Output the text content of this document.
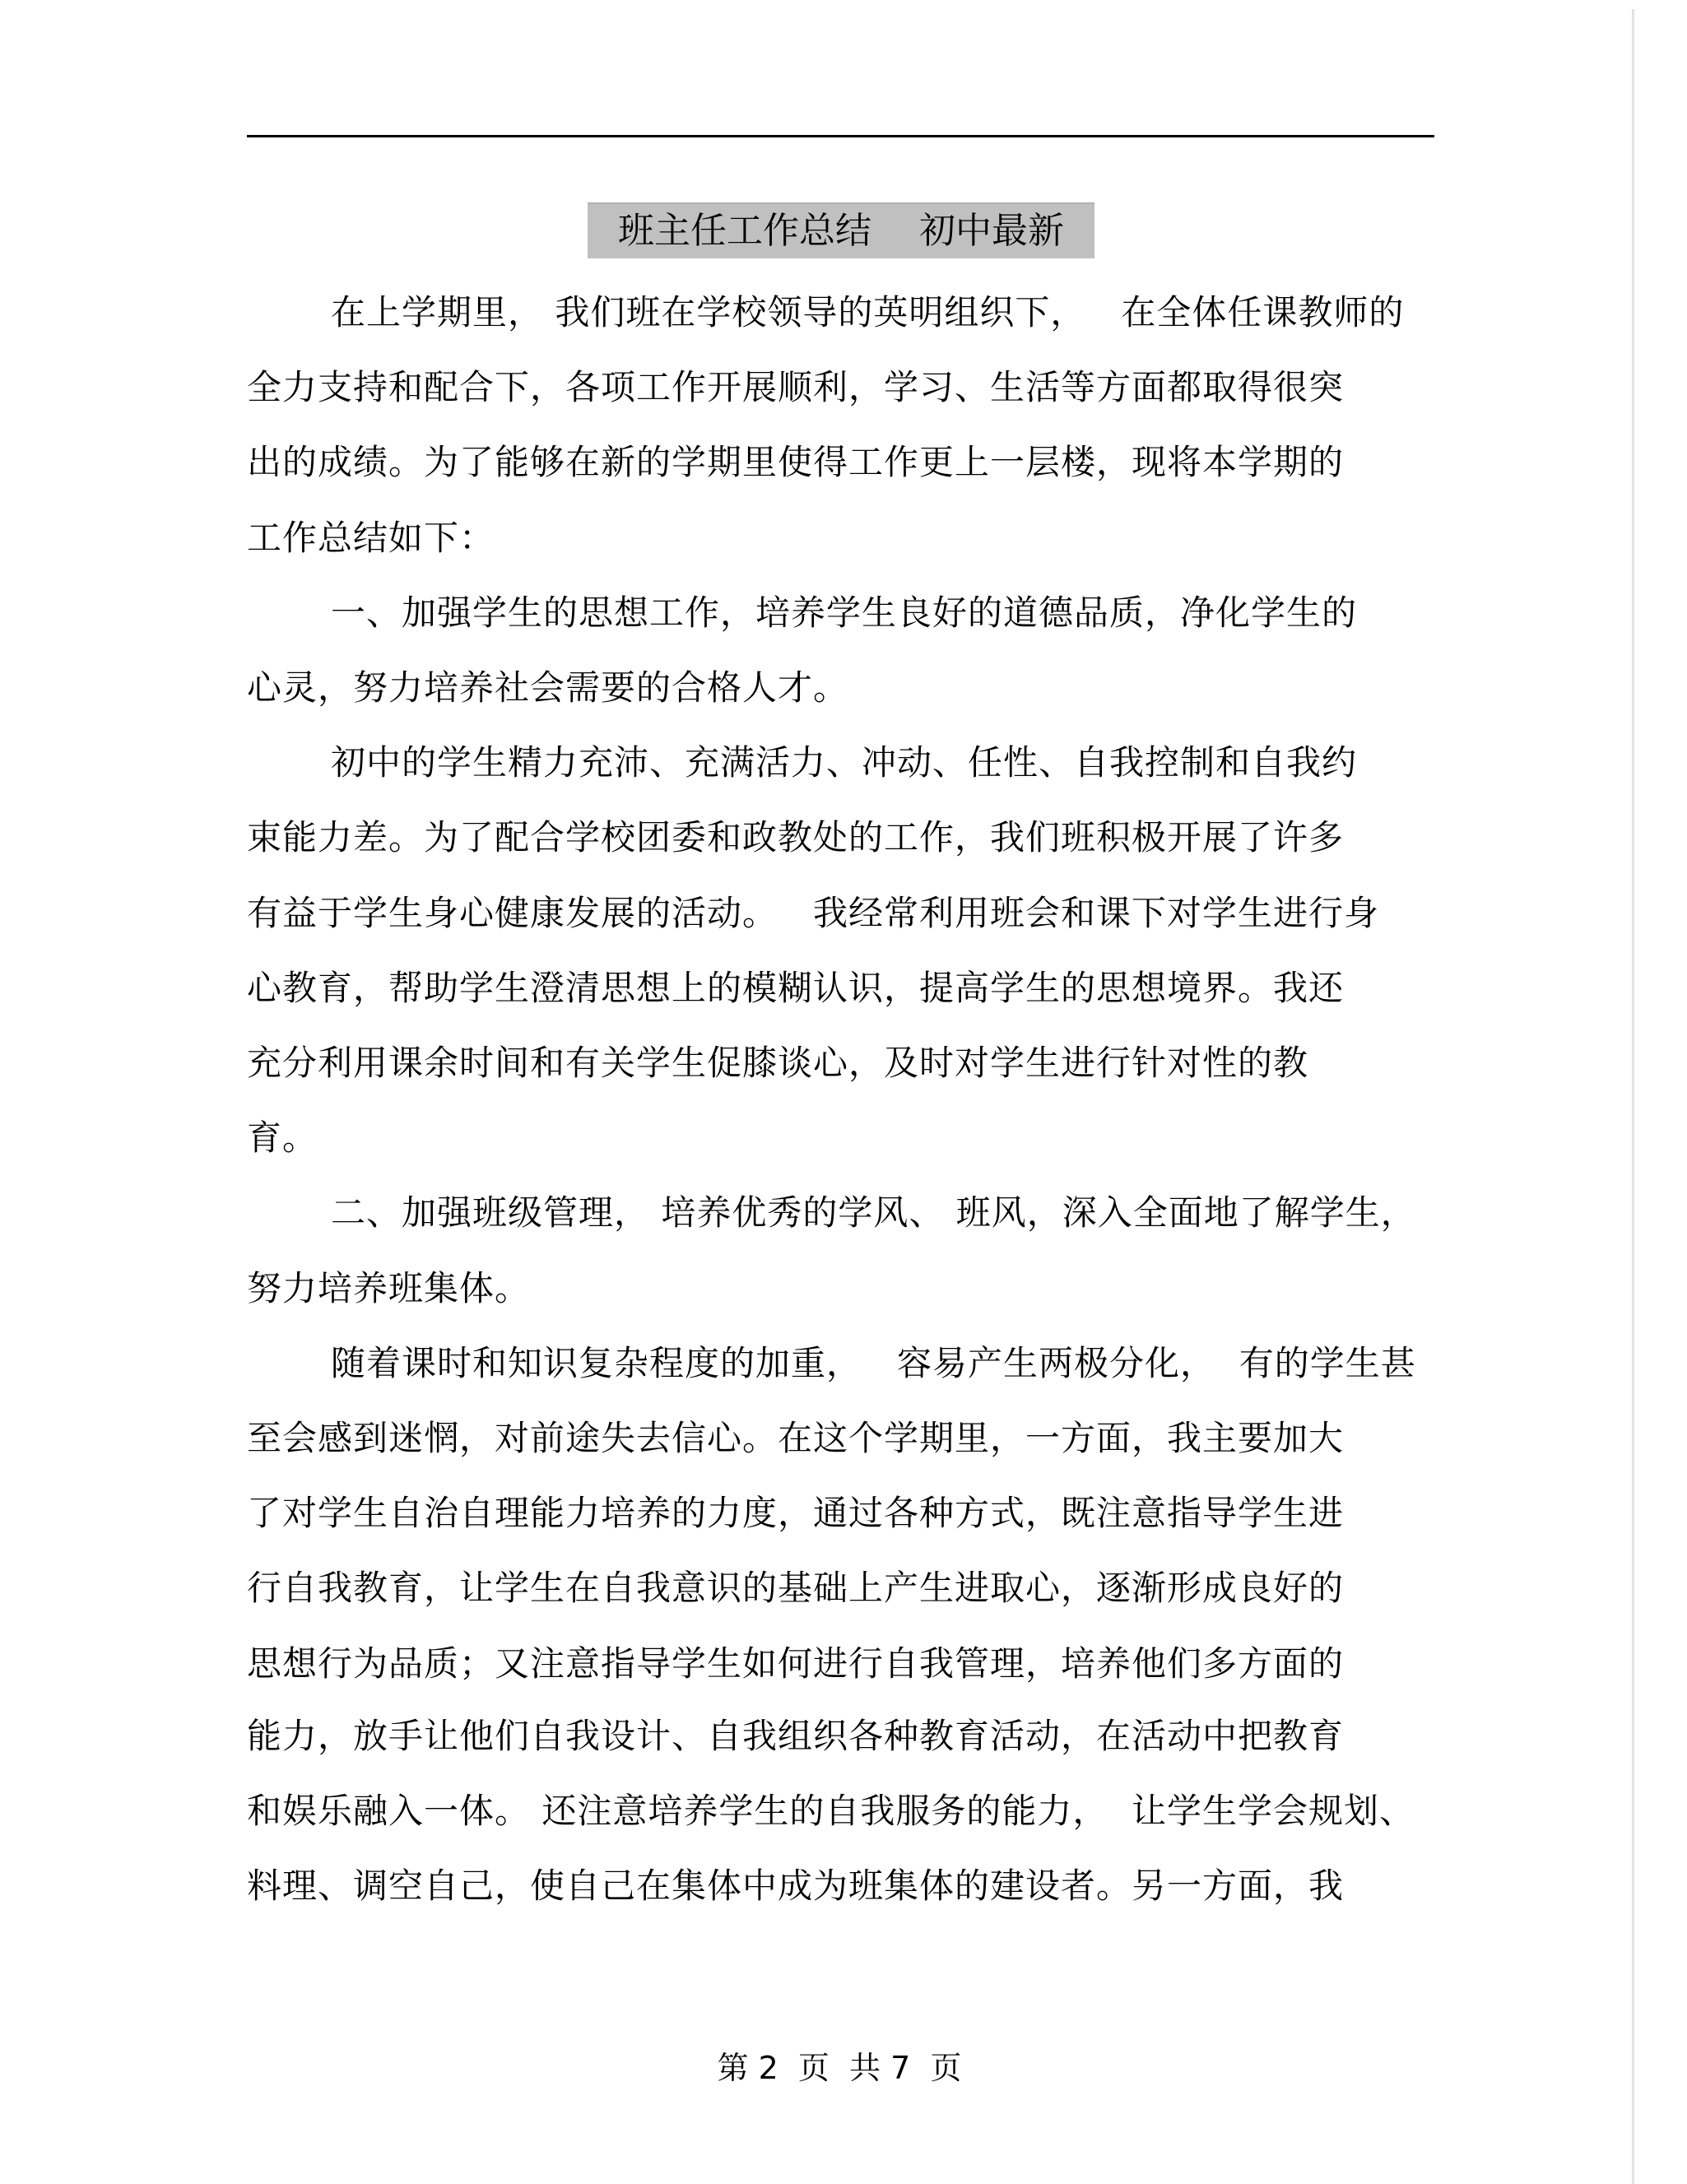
班主任工作总结　 初中最新
在上学期里， 我们班在学校领导的英明组织下，   在全体任课教师的
全力支持和配合下，各项工作开展顺利，学习、生活等方面都取得很突
出的成绩。为了能够在新的学期里使得工作更上一层楼，现将本学期的
工作总结如下：
一、加强学生的思想工作，培养学生良好的道德品质，净化学生的
心灵，努力培养社会需要的合格人才。
初中的学生精力充沛、充满活力、冲动、任性、自我控制和自我约
束能力差。为了配合学校团委和政教处的工作，我们班积极开展了许多
有益于学生身心健康发展的活动。   我经常利用班会和课下对学生进行身
心教育，帮助学生澄清思想上的模糊认识，提高学生的思想境界。我还
充分利用课余时间和有关学生促膝谈心，及时对学生进行针对性的教
育。
二、加强班级管理， 培养优秀的学风、 班风，深入全面地了解学生，
努力培养班集体。
随着课时和知识复杂程度的加重，   容易产生两极分化，  有的学生甚
至会感到迷惘，对前途失去信心。在这个学期里，一方面，我主要加大
了对学生自治自理能力培养的力度，通过各种方式，既注意指导学生进
行自我教育，让学生在自我意识的基础上产生进取心，逐渐形成良好的
思想行为品质；又注意指导学生如何进行自我管理，培养他们多方面的
能力，放手让他们自我设计、自我组织各种教育活动，在活动中把教育
和娱乐融入一体。 还注意培养学生的自我服务的能力，  让学生学会规划、
料理、调空自己，使自己在集体中成为班集体的建设者。另一方面，我
第 2  页  共 7  页
